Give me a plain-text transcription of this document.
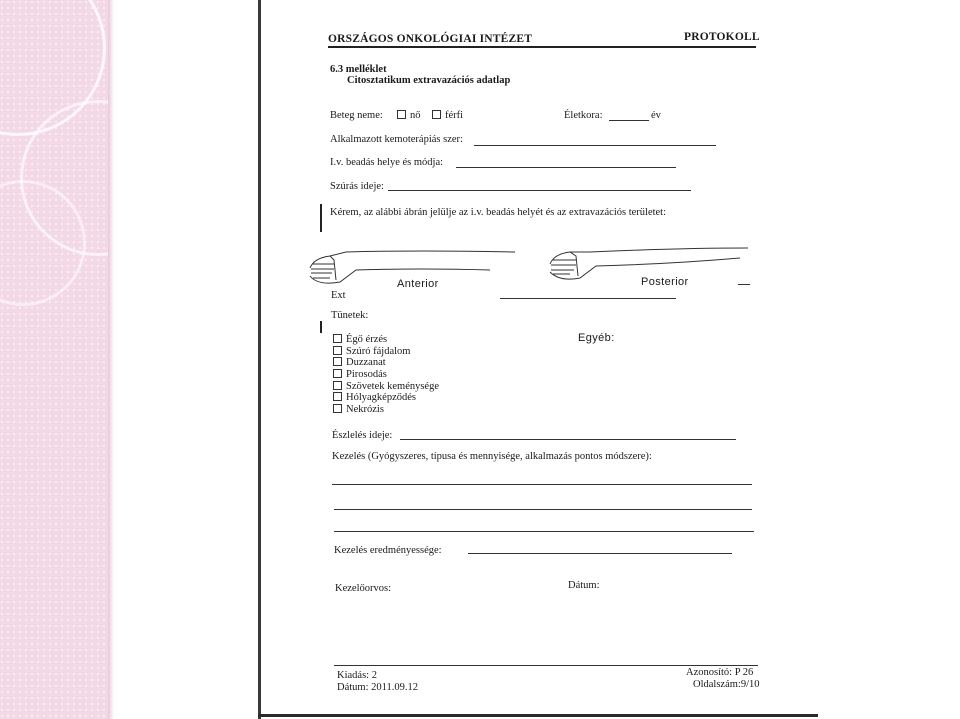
ORSZÁGOS ONKOLÓGIAI INTÉZET	PROTOKOLL
6.3 melléklet
Citosztatikum extravazációs adatlap
Beteg neme:	nő	férfi	Életkora:	év
Alkalmazott kemoterápiás szer:
I.v. beadás helye és módja:
Szúrás ideje:
Kérem, az alábbi ábrán jelülje az i.v. beadás helyét és az extravazációs területet:
Anterior	Posterior
Ext
Tünetek:
Égő érzés
Szúró fájdalom
Duzzanat
Pirosodás
Szövetek keménysége
Hólyagképződés
Nekrózis
Egyéb:
Észlelés ideje:
Kezelés (Gyógyszeres, típusa és mennyisége, alkalmazás pontos módszere):
Kezelés eredményessége:
Kezelőorvos:	Dátum:
Kiadás: 2
Dátum: 2011.09.12
Azonosító: P 26
Oldalszám:9/10
